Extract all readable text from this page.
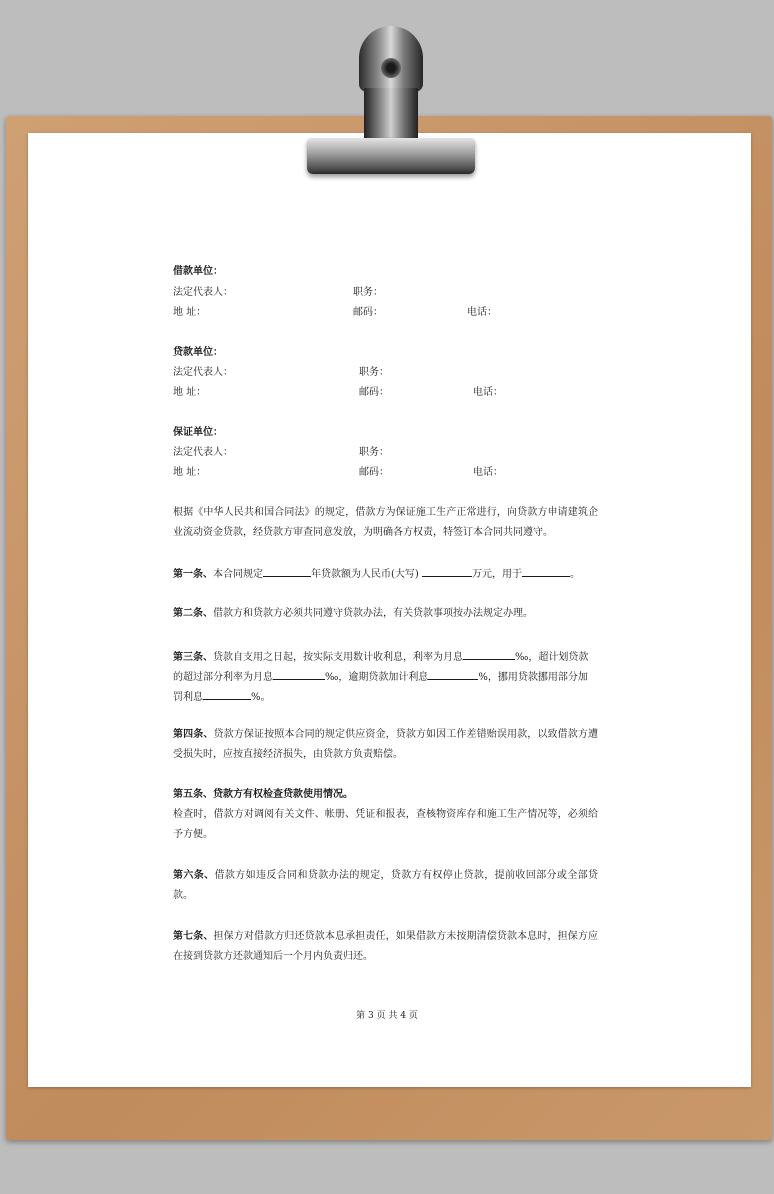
借款单位：
法定代表人：	职务：
地 址：	邮码：	电话：
贷款单位：
法定代表人：	职务：
地 址：	邮码：	电话：
保证单位：
法定代表人：	职务：
地 址：	邮码：	电话：
根据《中华人民共和国合同法》的规定，借款方为保证施工生产正常进行，向贷款方申请建筑企业流动资金贷款，经贷款方审查同意发放，为明确各方权责，特签订本合同共同遵守。
第一条、本合同规定	年贷款额为人民币(大写)	万元，用于	。
第二条、借款方和贷款方必须共同遵守贷款办法，有关贷款事项按办法规定办理。
第三条、贷款自支用之日起，按实际支用数计收利息，利率为月息	‰，超计划贷款
的超过部分利率为月息	‰，逾期贷款加计利息	%，挪用贷款挪用部分加
罚利息	%。
第四条、贷款方保证按照本合同的规定供应资金，贷款方如因工作差错贻误用款，以致借款方遭受损失时，应按直接经济损失，由贷款方负责赔偿。
第五条、贷款方有权检查贷款使用情况。
检查时，借款方对调阅有关文件、帐册、凭证和报表，查核物资库存和施工生产情况等，必须给予方便。
第六条、借款方如违反合同和贷款办法的规定，贷款方有权停止贷款，提前收回部分或全部贷款。
第七条、担保方对借款方归还贷款本息承担责任，如果借款方未按期清偿贷款本息时，担保方应在接到贷款方还款通知后一个月内负责归还。
第 3 页 共 4 页
